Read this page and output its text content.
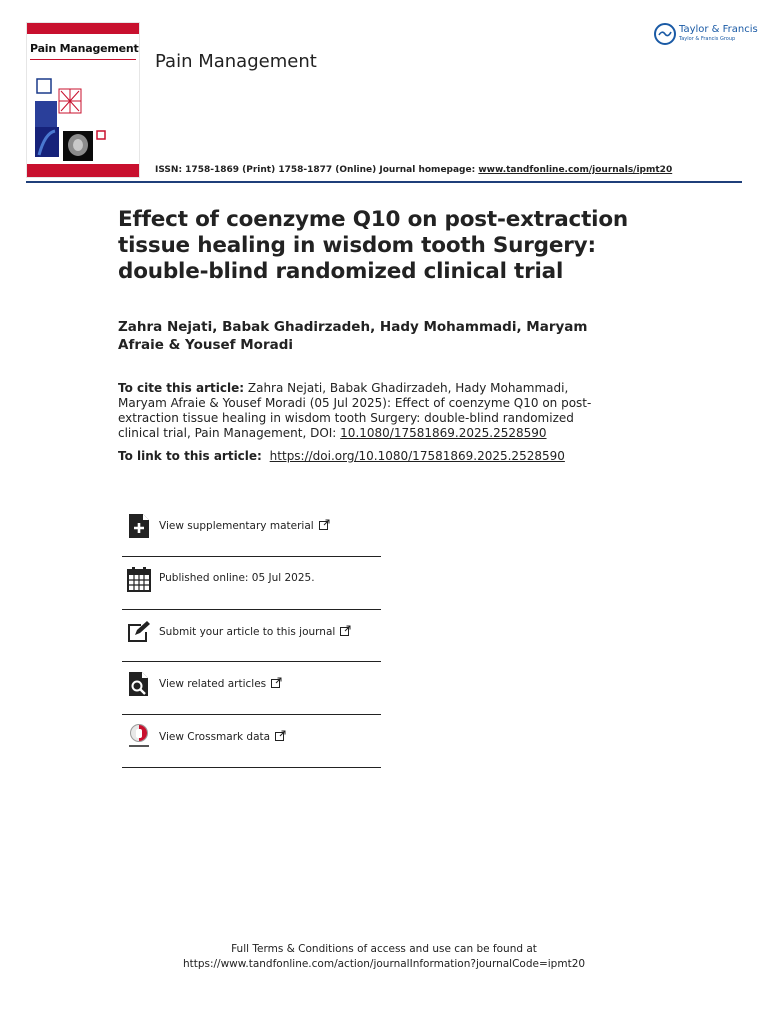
Pain Management
Pain Management
Taylor & Francis
Taylor & Francis Group
ISSN: 1758-1869 (Print) 1758-1877 (Online) Journal homepage: www.tandfonline.com/journals/ipmt20
Effect of coenzyme Q10 on post-extraction tissue healing in wisdom tooth Surgery: double-blind randomized clinical trial
Zahra Nejati, Babak Ghadirzadeh, Hady Mohammadi, Maryam Afraie & Yousef Moradi
To cite this article: Zahra Nejati, Babak Ghadirzadeh, Hady Mohammadi, Maryam Afraie & Yousef Moradi (05 Jul 2025): Effect of coenzyme Q10 on post-extraction tissue healing in wisdom tooth Surgery: double-blind randomized clinical trial, Pain Management, DOI: 10.1080/17581869.2025.2528590
To link to this article: https://doi.org/10.1080/17581869.2025.2528590
View supplementary material
Published online: 05 Jul 2025.
Submit your article to this journal
View related articles
View Crossmark data
Full Terms & Conditions of access and use can be found at
https://www.tandfonline.com/action/journalInformation?journalCode=ipmt20
